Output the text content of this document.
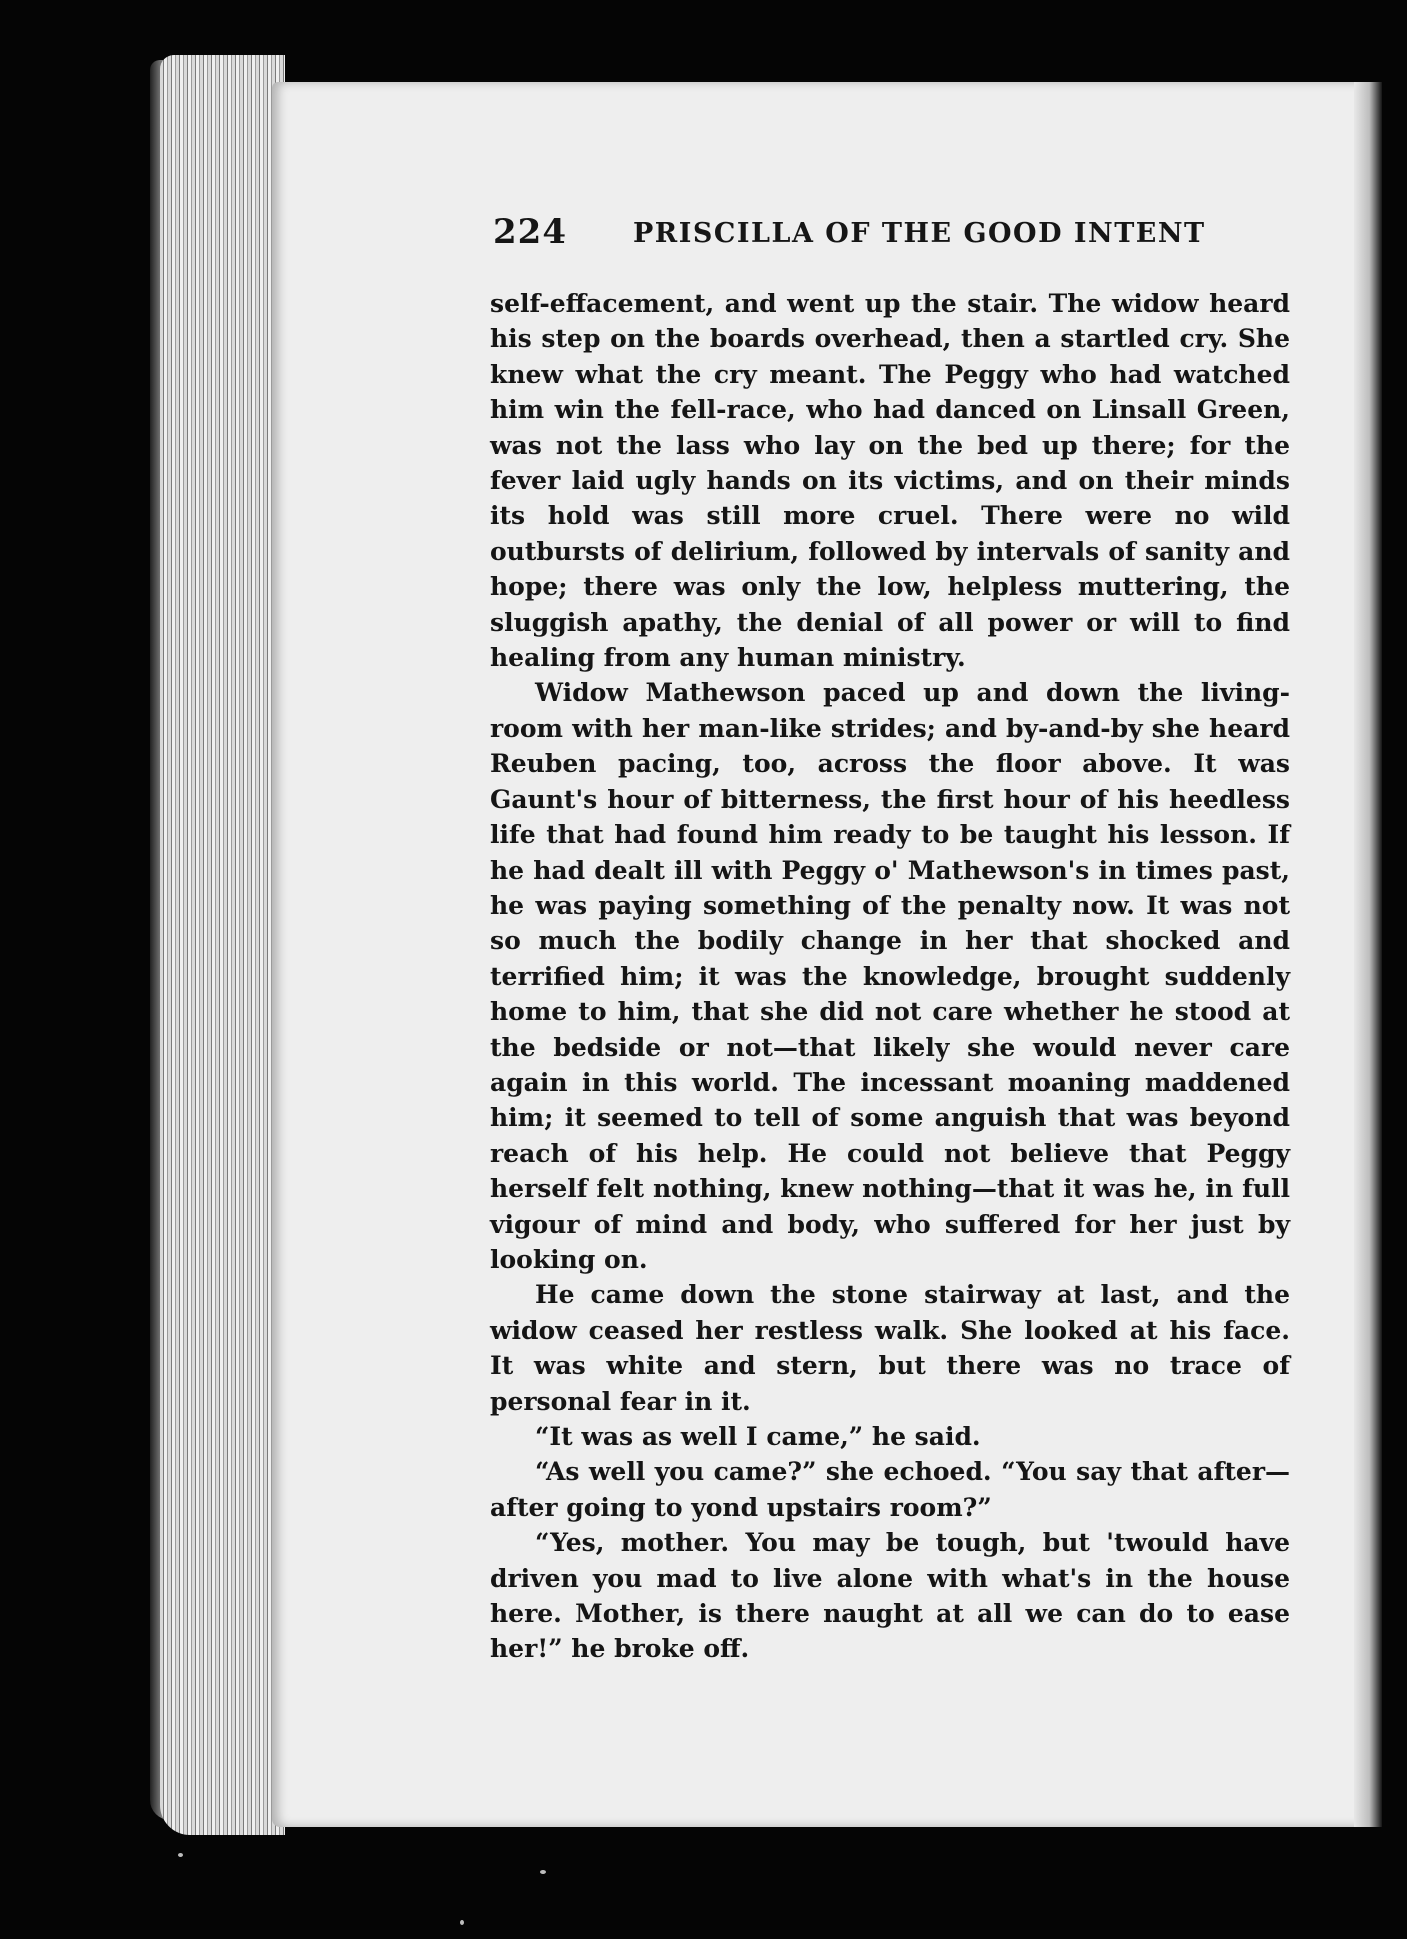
224 PRISCILLA OF THE GOOD INTENT

self-effacement, and went up the stair. The widow heard his step on the boards overhead, then a startled cry. She knew what the cry meant. The Peggy who had watched him win the fell-race, who had danced on Linsall Green, was not the lass who lay on the bed up there; for the fever laid ugly hands on its victims, and on their minds its hold was still more cruel. There were no wild outbursts of delirium, followed by intervals of sanity and hope; there was only the low, helpless muttering, the sluggish apathy, the denial of all power or will to find healing from any human ministry.

Widow Mathewson paced up and down the living-room with her man-like strides; and by-and-by she heard Reuben pacing, too, across the floor above. It was Gaunt's hour of bitterness, the first hour of his heedless life that had found him ready to be taught his lesson. If he had dealt ill with Peggy o' Mathewson's in times past, he was paying something of the penalty now. It was not so much the bodily change in her that shocked and terrified him; it was the knowledge, brought suddenly home to him, that she did not care whether he stood at the bedside or not—that likely she would never care again in this world. The incessant moaning maddened him; it seemed to tell of some anguish that was beyond reach of his help. He could not believe that Peggy herself felt nothing, knew nothing—that it was he, in full vigour of mind and body, who suffered for her just by looking on.

He came down the stone stairway at last, and the widow ceased her restless walk. She looked at his face. It was white and stern, but there was no trace of personal fear in it.

“It was as well I came,” he said.

“As well you came?” she echoed. “You say that after—after going to yond upstairs room?”

“Yes, mother. You may be tough, but 'twould have driven you mad to live alone with what's in the house here. Mother, is there naught at all we can do to ease her!” he broke off.
